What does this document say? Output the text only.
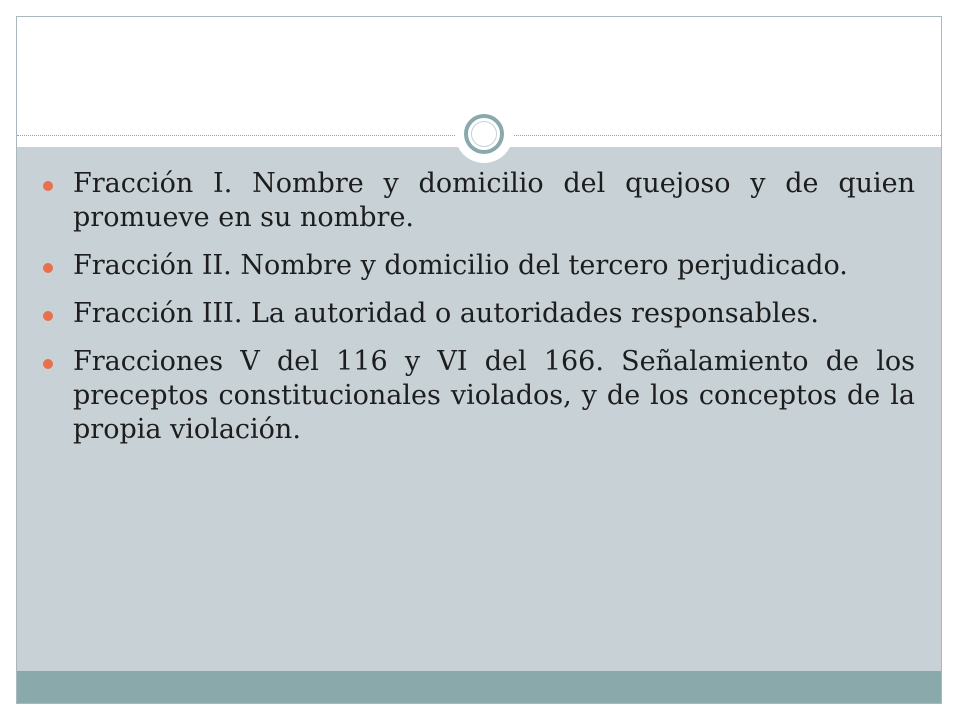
Fracción I. Nombre y domicilio del quejoso y de quien promueve en su nombre.
Fracción II. Nombre y domicilio del tercero perjudicado.
Fracción III. La autoridad o autoridades responsables.
Fracciones V del 116 y VI del 166. Señalamiento de los preceptos constitucionales violados, y de los conceptos de la propia violación.
